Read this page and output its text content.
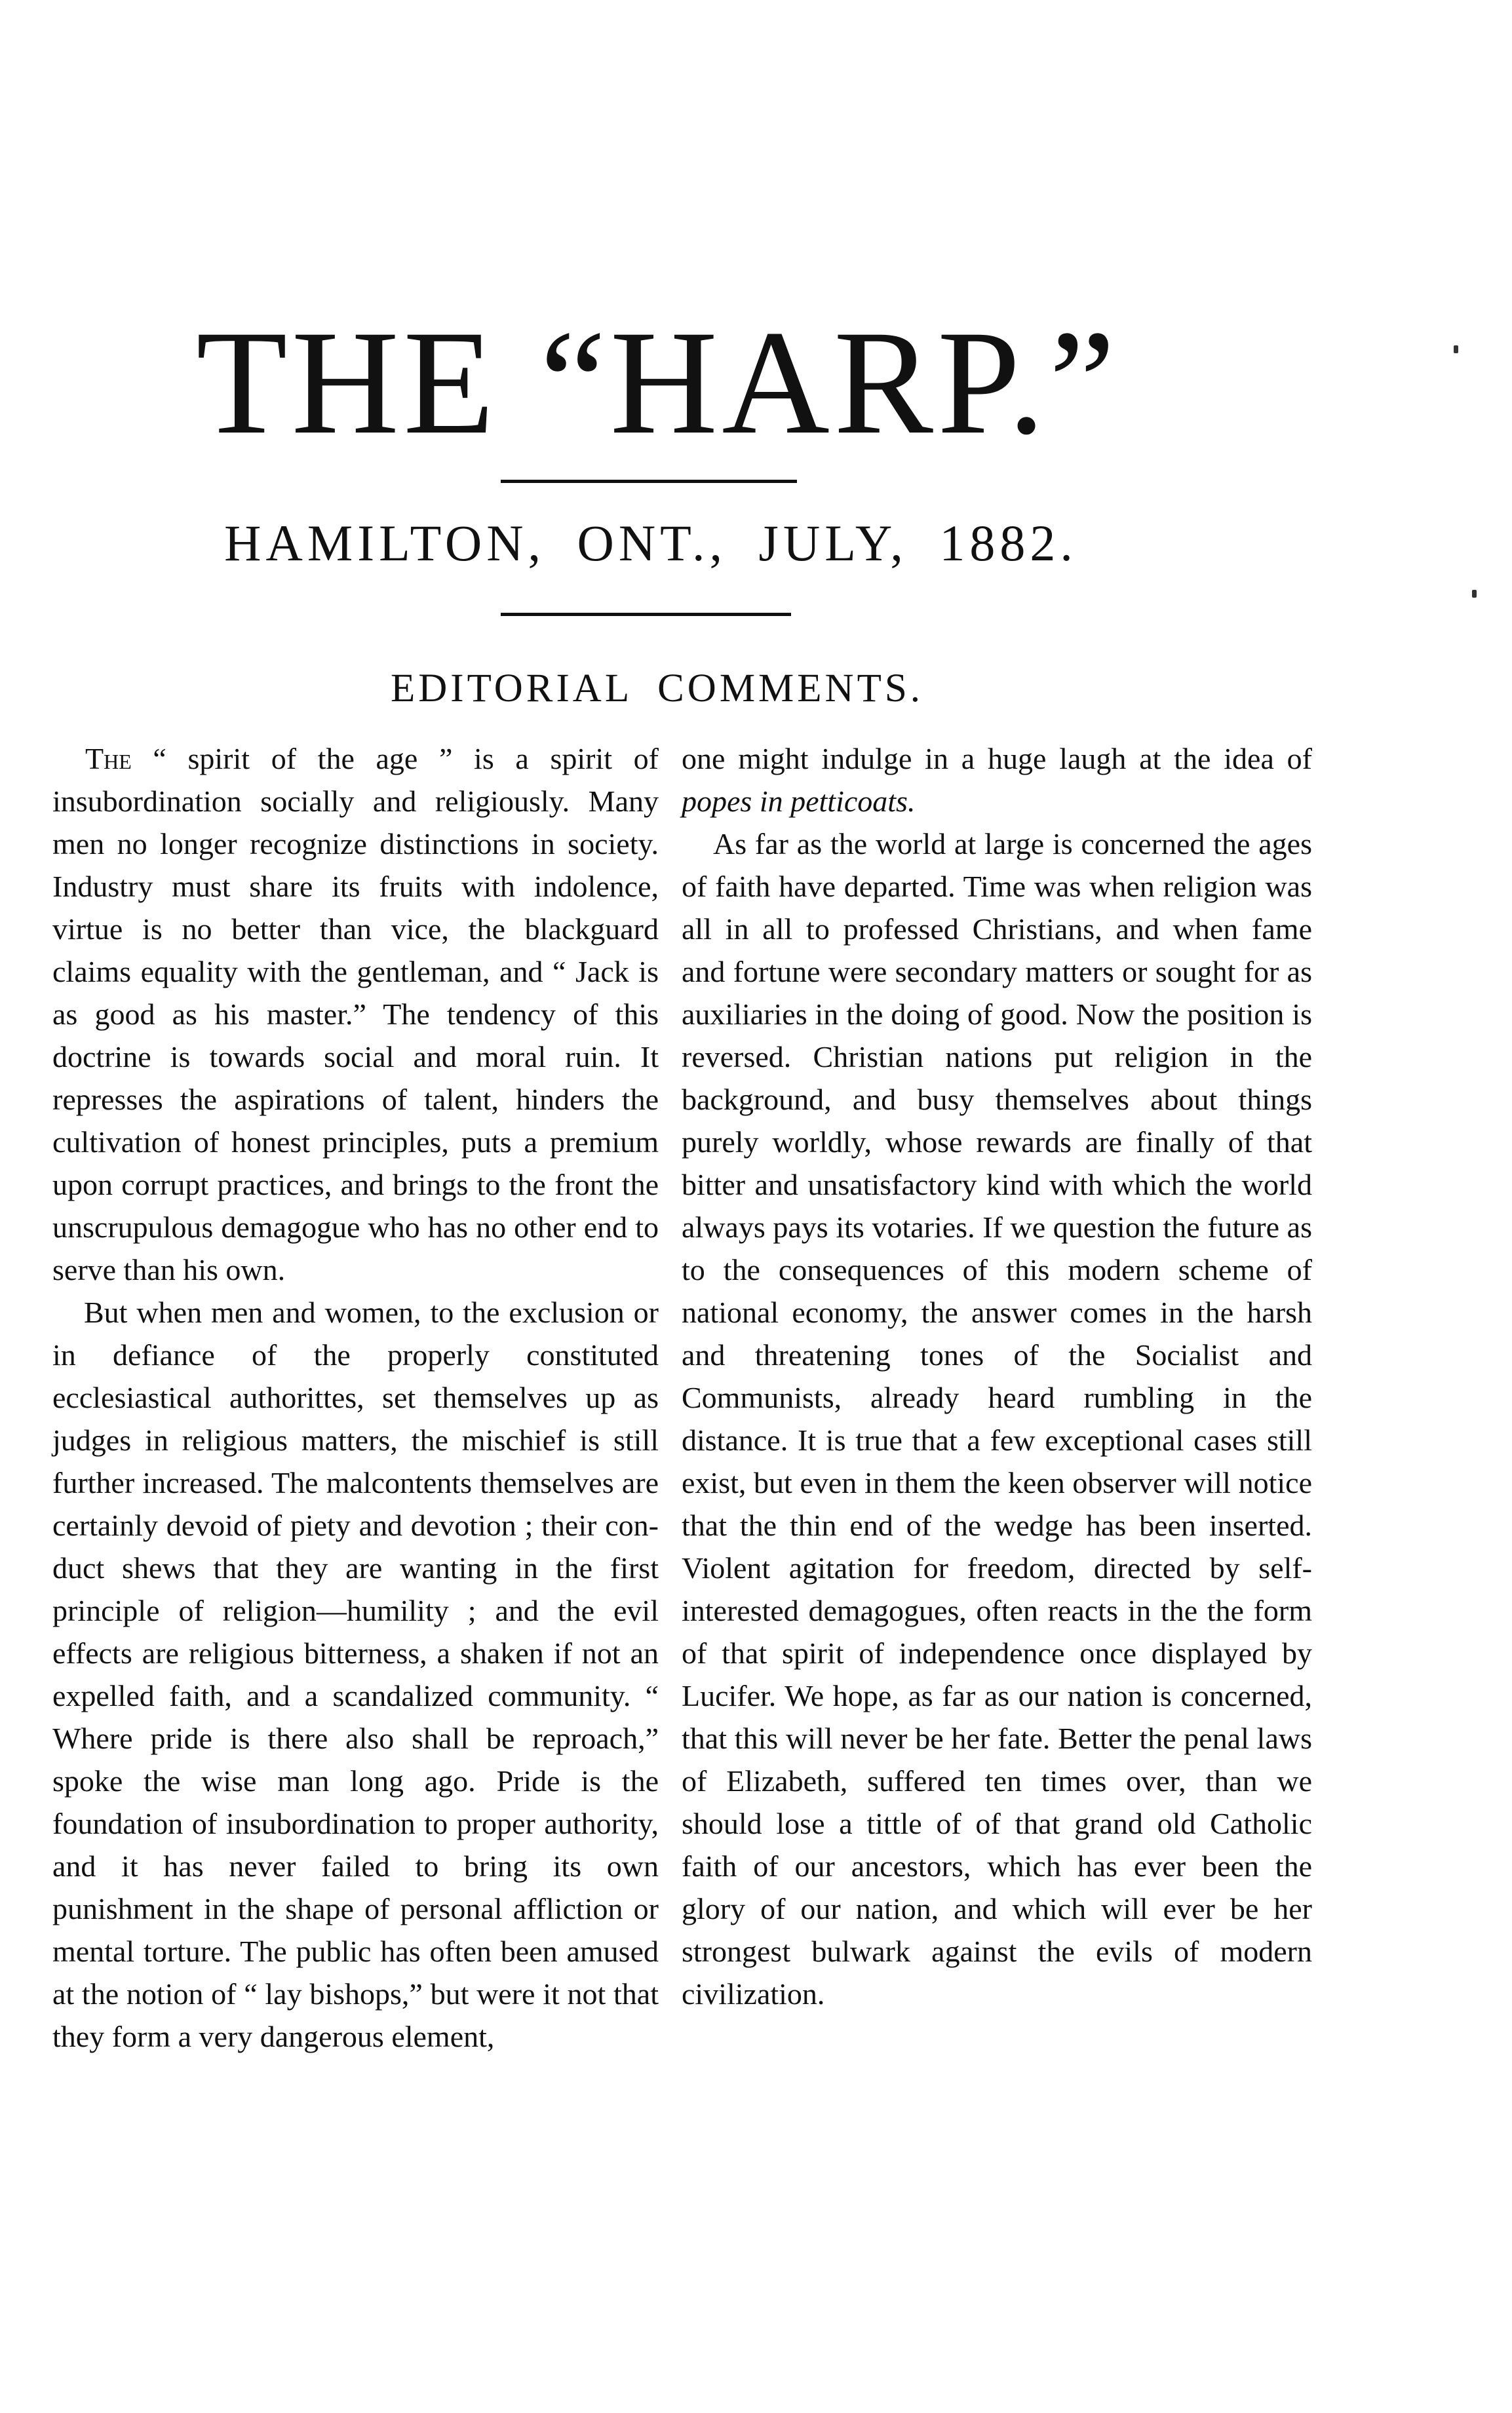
THE “HARP.”
HAMILTON, ONT., JULY, 1882.
EDITORIAL COMMENTS.

The “ spirit of the age ” is a spirit of insubordination socially and religiously. Many men no longer recognize distinctions in society. Industry must share its fruits with indolence, virtue is no better than vice, the blackguard claims equality with the gentleman, and “ Jack is as good as his master.” The tendency of this doctrine is towards social and moral ruin. It represses the aspirations of talent, hinders the cultivation of honest principles, puts a premium upon corrupt practices, and brings to the front the unscrupulous demagogue who has no other end to serve than his own.

But when men and women, to the exclusion or in defiance of the properly constituted ecclesiastical authorittes, set themselves up as judges in religious matters, the mischief is still further increased. The malcontents themselves are certainly devoid of piety and devotion ; their conduct shews that they are wanting in the first principle of religion—humility ; and the evil effects are religious bitterness, a shaken if not an expelled faith, and a scandalized community. “ Where pride is there also shall be reproach,” spoke the wise man long ago. Pride is the foundation of insubordination to proper authority, and it has never failed to bring its own punishment in the shape of personal affliction or mental torture. The public has often been amused at the notion of “ lay bishops,” but were it not that they form a very dangerous element,

one might indulge in a huge laugh at the idea of popes in petticoats.

As far as the world at large is concerned the ages of faith have departed. Time was when religion was all in all to professed Christians, and when fame and fortune were secondary matters or sought for as auxiliaries in the doing of good. Now the position is reversed. Christian nations put religion in the background, and busy themselves about things purely worldly, whose rewards are finally of that bitter and unsatisfactory kind with which the world always pays its votaries. If we question the future as to the consequences of this modern scheme of national economy, the answer comes in the harsh and threatening tones of the Socialist and Communists, already heard rumbling in the distance. It is true that a few exceptional cases still exist, but even in them the keen observer will notice that the thin end of the wedge has been inserted. Violent agitation for freedom, directed by self-interested demagogues, often reacts in the the form of that spirit of independence once displayed by Lucifer. We hope, as far as our nation is concerned, that this will never be her fate. Better the penal laws of Elizabeth, suffered ten times over, than we should lose a tittle of of that grand old Catholic faith of our ancestors, which has ever been the glory of our nation, and which will ever be her strongest bulwark against the evils of modern civilization.
